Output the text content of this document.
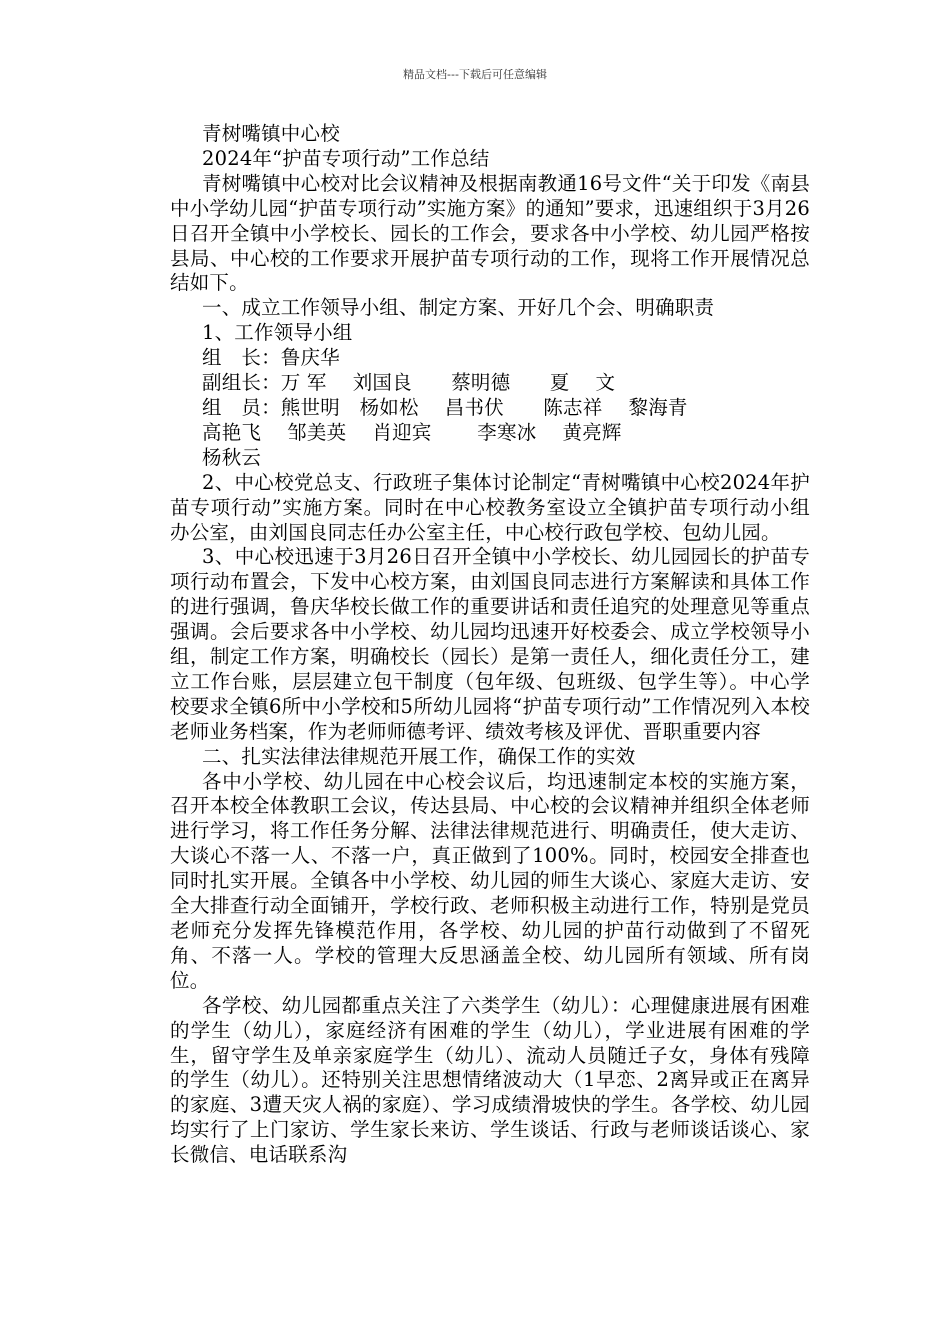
精品文档---下载后可任意编辑

青树嘴镇中心校

2024年“护苗专项行动”工作总结

青树嘴镇中心校对比会议精神及根据南教通16号文件“关于印发《南县中小学幼儿园“护苗专项行动”实施方案》的通知”要求，迅速组织于3月26日召开全镇中小学校长、园长的工作会，要求各中小学校、幼儿园严格按县局、中心校的工作要求开展护苗专项行动的工作，现将工作开展情况总结如下。

一、成立工作领导小组、制定方案、开好几个会、明确职责

1、工作领导小组

组　长：鲁庆华

副组长：万 军　 刘国良　　蔡明德　　夏　 文

组　员：熊世明　杨如松　 昌书伏　　陈志祥　 黎海青

高艳飞　 邹美英　 肖迎宾　　 李寒冰　 黄亮辉

杨秋云

2、中心校党总支、行政班子集体讨论制定“青树嘴镇中心校2024年护苗专项行动”实施方案。同时在中心校教务室设立全镇护苗专项行动小组办公室，由刘国良同志任办公室主任，中心校行政包学校、包幼儿园。

3、中心校迅速于3月26日召开全镇中小学校长、幼儿园园长的护苗专项行动布置会，下发中心校方案，由刘国良同志进行方案解读和具体工作的进行强调，鲁庆华校长做工作的重要讲话和责任追究的处理意见等重点强调。会后要求各中小学校、幼儿园均迅速开好校委会、成立学校领导小组，制定工作方案，明确校长（园长）是第一责任人，细化责任分工，建立工作台账，层层建立包干制度（包年级、包班级、包学生等）。中心学校要求全镇6所中小学校和5所幼儿园将“护苗专项行动”工作情况列入本校老师业务档案，作为老师师德考评、绩效考核及评优、晋职重要内容

二、扎实法律法律规范开展工作，确保工作的实效

各中小学校、幼儿园在中心校会议后，均迅速制定本校的实施方案，召开本校全体教职工会议，传达县局、中心校的会议精神并组织全体老师进行学习，将工作任务分解、法律法律规范进行、明确责任，使大走访、大谈心不落一人、不落一户，真正做到了100%。同时，校园安全排查也同时扎实开展。全镇各中小学校、幼儿园的师生大谈心、家庭大走访、安全大排查行动全面铺开，学校行政、老师积极主动进行工作，特别是党员老师充分发挥先锋模范作用，各学校、幼儿园的护苗行动做到了不留死角、不落一人。学校的管理大反思涵盖全校、幼儿园所有领域、所有岗位。

各学校、幼儿园都重点关注了六类学生（幼儿）：心理健康进展有困难的学生（幼儿），家庭经济有困难的学生（幼儿），学业进展有困难的学生，留守学生及单亲家庭学生（幼儿）、流动人员随迁子女，身体有残障的学生（幼儿）。还特别关注思想情绪波动大（1早恋、2离异或正在离异的家庭、3遭天灾人祸的家庭）、学习成绩滑坡快的学生。各学校、幼儿园均实行了上门家访、学生家长来访、学生谈话、行政与老师谈话谈心、家长微信、电话联系沟
